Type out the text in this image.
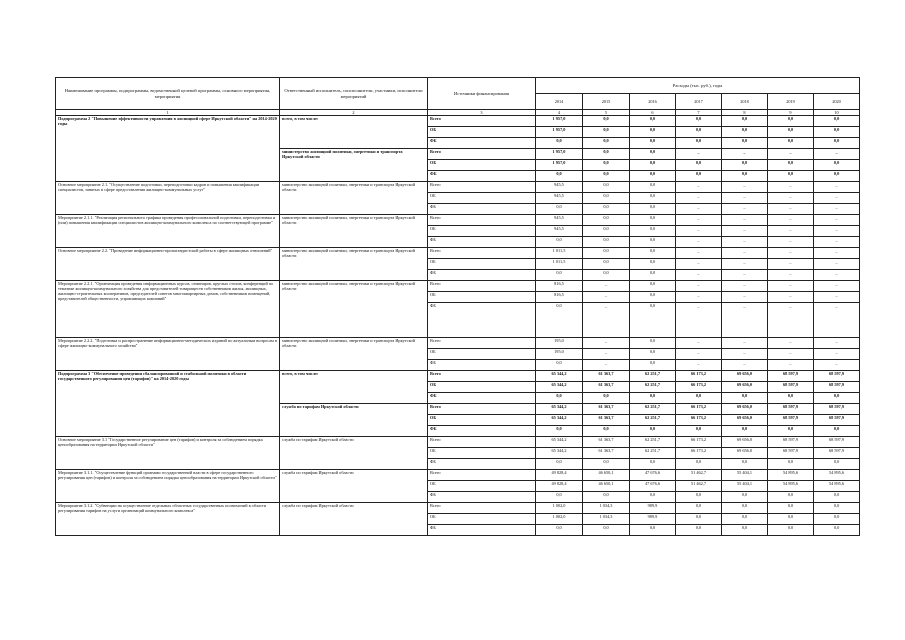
Наименование программы, подпрограммы, ведомственной целевой программы, основного мероприятия, мероприятия	Ответственный исполнитель, соисполнители, участники, исполнители мероприятий	Источники финансирования	Расходы (тыс. руб.), годы						
			2014	2015	2016	2017	2018	2019	2020
1	2	3	4	5	6	7	8	9	10
Подпрограмма 2 "Повышение эффективности управления в жилищной сфере Иркутской области" на 2014-2020 годы	всего, в том числе:	Всего	1 957,0	0,0	0,0	0,0	0,0	0,0	0,0
		ОБ	1 957,0	0,0	0,0	0,0	0,0	0,0	0,0
		ФБ	0,0	0,0	0,0	0,0	0,0	0,0	0,0
	министерство жилищной политики, энергетики и транспорта Иркутской области	Всего	1 957,0	0,0	0,0	_	_	_	_
		ОБ	1 957,0	0,0	0,0	0,0	0,0	0,0	0,0
		ФБ	0,0	0,0	0,0	0,0	0,0	0,0	0,0
Основное мероприятие 2.1. "Осуществление подготовки, переподготовки кадров и повышения квалификации специалистов, занятых в сфере предоставления жилищно-коммунальных услуг"	министерство жилищной политики, энергетики и транспорта Иркутской области	Всего	945,5	0,0	0,0	_	_	_	_
		ОБ	945,5	0,0	0,0	_	_	_	_
		ФБ	0,0	0,0	0,0	_	_	_	_
Мероприятие 2.1.1. "Реализация регионального графика проведения профессиональной подготовки, переподготовки и (или) повышения квалификации специалистов жилищно-коммунального комплекса по соответствующей программе"	министерство жилищной политики, энергетики и транспорта Иркутской области	Всего	945,5	0,0	0,0	_	_	_	_
		ОБ	945,5	0,0	0,0	_	_	_	_
		ФБ	0,0	0,0	0,0	_	_	_	_
Основное мероприятие 2.2. "Проведение информационно-пропагандистской работы в сфере жилищных отношений"	министерство жилищной политики, энергетики и транспорта Иркутской области	Всего	1 011,5	0,0	0,0	_	_	_	_
		ОБ	1 011,5	0,0	0,0	_	_	_	_
		ФБ	0,0	0,0	0,0	_	_	_	_
Мероприятие 2.2.1. "Организация проведения информационных курсов, семинаров, круглых столов, конференций по тематике жилищно-коммунального хозяйства для представителей товариществ собственников жилья, жилищных, жилищно-строительных кооперативов, председателей советов многоквартирных домов, собственников помещений, представителей общественности, управляющих компаний"	министерство жилищной политики, энергетики и транспорта Иркутской области	Всего	816,5	_	0,0	_	_	_	_
		ОБ	816,5	_	0,0	_	_	_	_
		ФБ	0,0	_	0,0	_	_	_	_
Мероприятие 2.2.2. "Подготовка и распространение информационно-методических изданий по актуальным вопросам в сфере жилищно-коммунального хозяйства"	министерство жилищной политики, энергетики и транспорта Иркутской области	Всего	195,0	_	0,0	_	_	_	_
		ОБ	195,0	_	0,0	_	_	_	_
		ФБ	0,0	_	0,0	_	_	_	_
Подпрограмма 3 "Обеспечение проведения сбалансированной и стабильной политики в области государственного регулирования цен (тарифов)" на 2014-2020 годы	всего, в том числе:	Всего	65 344,2	61 363,7	62 251,7	66 173,2	69 656,0	68 597,9	68 597,9
		ОБ	65 344,2	61 363,7	62 251,7	66 173,2	69 656,0	68 597,9	68 597,9
		ФБ	0,0	0,0	0,0	0,0	0,0	0,0	0,0
	служба по тарифам Иркутской области	Всего	65 344,2	61 363,7	62 251,7	66 173,2	69 656,0	68 597,9	68 597,9
		ОБ	65 344,2	61 363,7	62 251,7	66 173,2	69 656,0	68 597,9	68 597,9
		ФБ	0,0	0,0	0,0	0,0	0,0	0,0	0,0
Основное мероприятие 3.1 "Государственное регулирование цен (тарифов) и контроля за соблюдением порядка ценообразования на территории Иркутской области"	служба по тарифам Иркутской области	Всего	65 344,2	61 363,7	62 251,7	66 173,2	69 656,0	68 597,9	68 597,9
		ОБ	65 344,2	61 363,7	62 251,7	66 173,2	69 656,0	68 597,9	68 597,9
		ФБ	0,0	0,0	0,0	0,0	0,0	0,0	0,0
Мероприятие 3.1.1. "Осуществление функций органами государственной власти в сфере государственного регулирования цен (тарифов) и контроля за соблюдением порядка ценообразования на территории Иркутской области"	служба по тарифам Иркутской области	Всего	49 828,4	46 650,1	47 676,6	51 462,7	55 404,1	54 895,6	54 895,6
		ОБ	49 828,4	46 650,1	47 676,6	51 462,7	55 404,1	54 895,6	54 895,6
		ФБ	0,0	0,0	0,0	0,0	0,0	0,0	0,0
Мероприятие 3.1.2. "Субвенции на осуществление отдельных областных государственных полномочий в области регулирования тарифов на услуги организаций коммунального комплекса"	служба по тарифам Иркутской области	Всего	1 002,0	1 034,3	989,9	0,0	0,0	0,0	0,0
		ОБ	1 002,0	1 034,3	989,9	0,0	0,0	0,0	0,0
		ФБ	0,0	0,0	0,0	0,0	0,0	0,0	0,0
